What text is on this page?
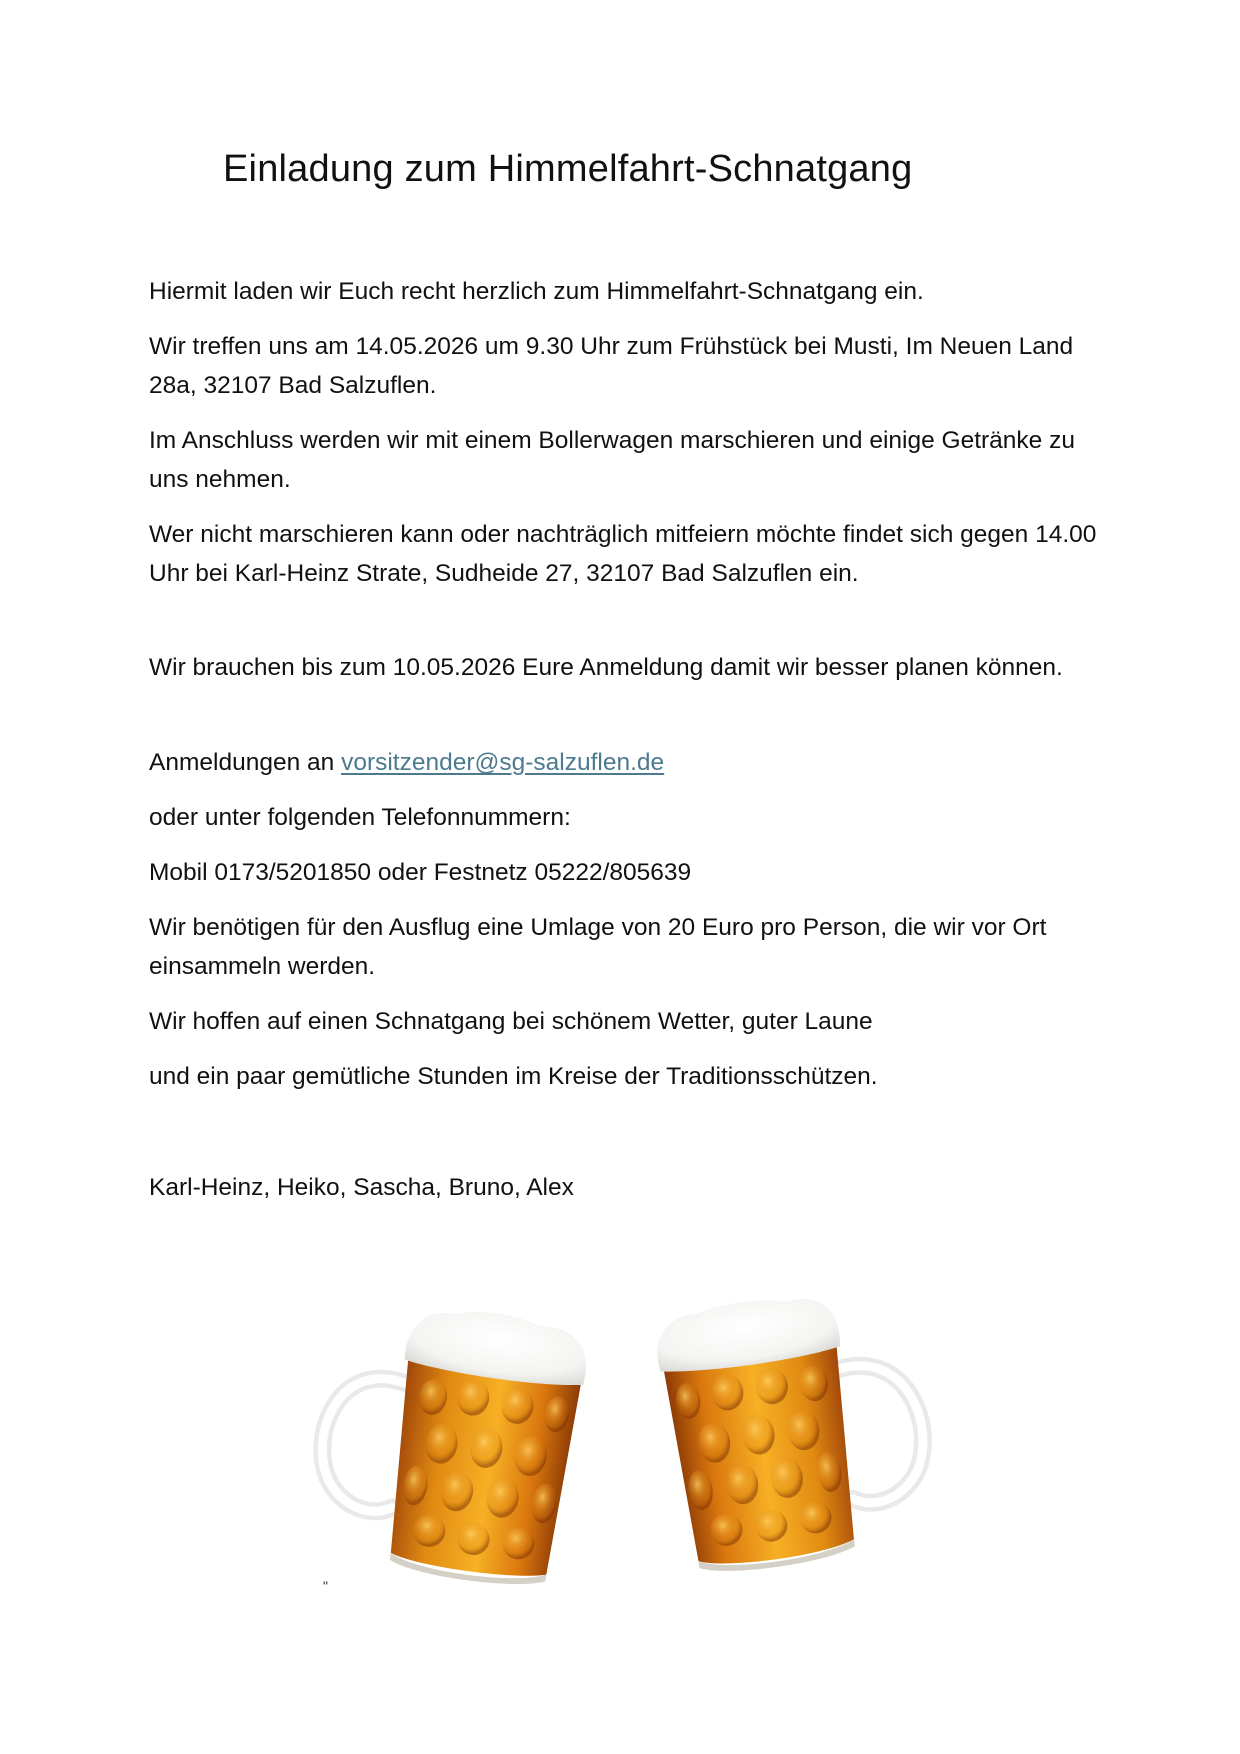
Einladung zum Himmelfahrt-Schnatgang

Hiermit laden wir Euch recht herzlich zum Himmelfahrt-Schnatgang ein.

Wir treffen uns am 14.05.2026 um 9.30 Uhr zum Frühstück bei Musti, Im Neuen Land 28a, 32107 Bad Salzuflen.

Im Anschluss werden wir mit einem Bollerwagen marschieren und einige Getränke zu uns nehmen.

Wer nicht marschieren kann oder nachträglich mitfeiern möchte findet sich gegen 14.00 Uhr bei Karl-Heinz Strate, Sudheide 27, 32107 Bad Salzuflen ein.

Wir brauchen bis zum 10.05.2026 Eure Anmeldung damit wir besser planen können.

Anmeldungen an vorsitzender@sg-salzuflen.de

oder unter folgenden Telefonnummern:

Mobil 0173/5201850 oder Festnetz 05222/805639

Wir benötigen für den Ausflug eine Umlage von 20 Euro pro Person, die wir vor Ort einsammeln werden.

Wir hoffen auf einen Schnatgang bei schönem Wetter, guter Laune

und ein paar gemütliche Stunden im Kreise der Traditionsschützen.

Karl-Heinz, Heiko, Sascha, Bruno, Alex

"
